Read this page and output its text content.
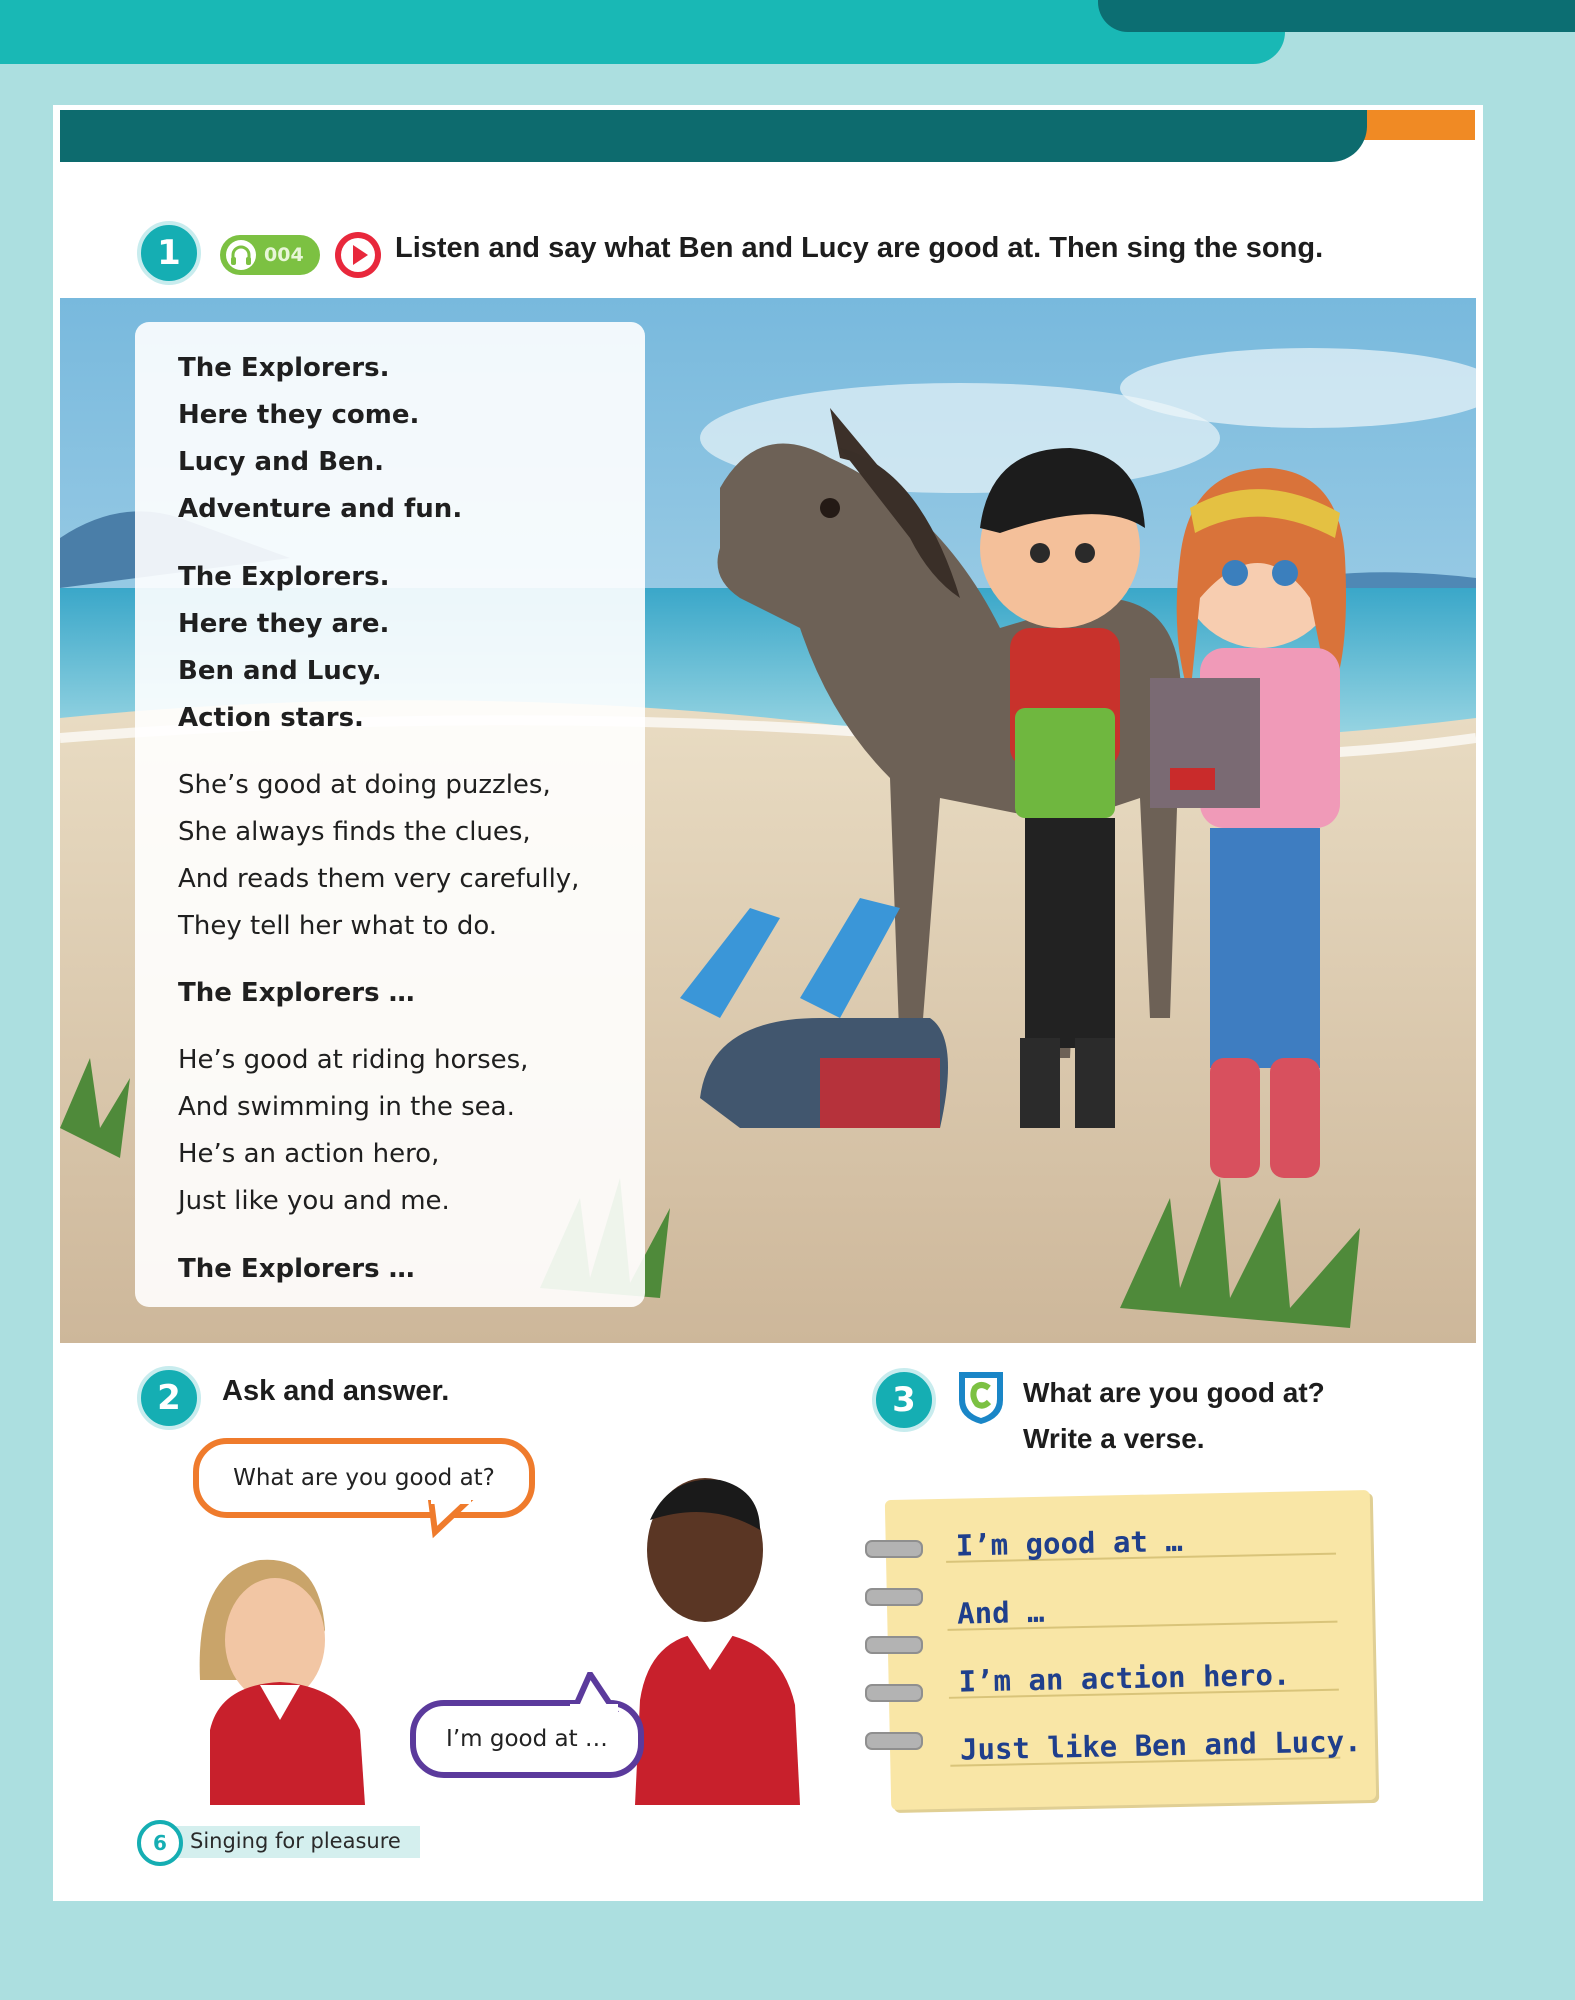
1	004	Listen and say what Ben and Lucy are good at. Then sing the song.
The Explorers.
Here they come.
Lucy and Ben.
Adventure and fun.
The Explorers.
Here they are.
Ben and Lucy.
Action stars.
She’s good at doing puzzles,
She always finds the clues,
And reads them very carefully,
They tell her what to do.
The Explorers …
He’s good at riding horses,
And swimming in the sea.
He’s an action hero,
Just like you and me.
The Explorers …
2 Ask and answer.
What are you good at?
I’m good at …
3	What are you good at?
Write a verse.
I’m good at …
And …
I’m an action hero.
Just like Ben and Lucy.
6	Singing for pleasure
